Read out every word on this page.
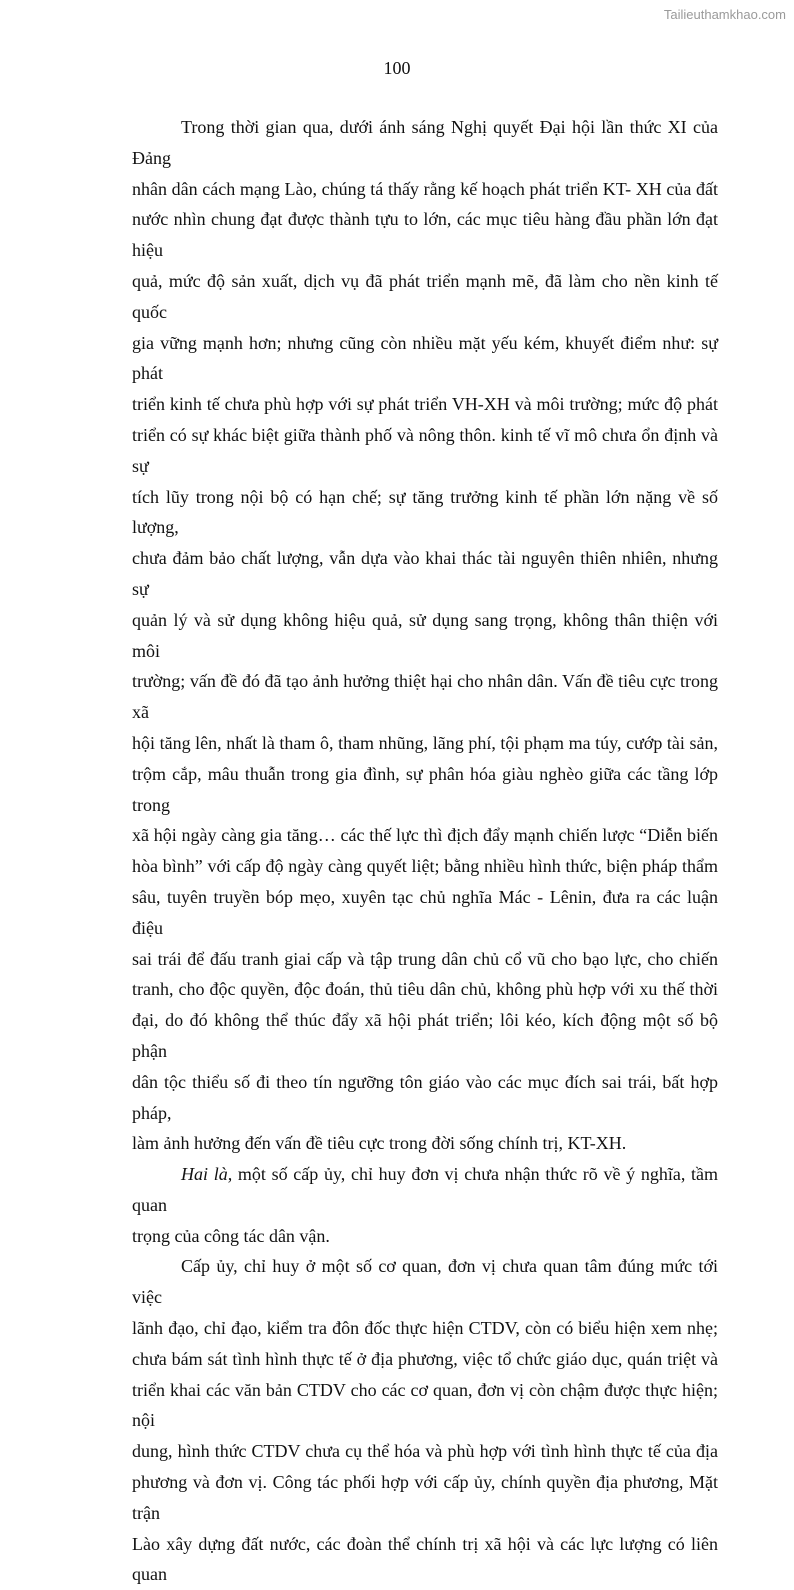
Tailieuthamkhao.com
100
Trong thời gian qua, dưới ánh sáng Nghị quyết Đại hội lần thức XI của Đảng
nhân dân cách mạng Lào, chúng tá thấy rằng kế hoạch phát triển KT- XH của đất
nước nhìn chung đạt được thành tựu to lớn, các mục tiêu hàng đầu phần lớn đạt hiệu
quả, mức độ sản xuất, dịch vụ đã phát triển mạnh mẽ, đã làm cho nền kinh tế quốc
gia vững mạnh hơn; nhưng cũng còn nhiều mặt yếu kém, khuyết điểm như: sự phát
triển kinh tế chưa phù hợp với sự phát triển VH-XH và môi trường; mức độ phát
triển có sự khác biệt giữa thành phố và nông thôn. kinh tế vĩ mô chưa ổn định và sự
tích lũy trong nội bộ có hạn chế; sự tăng trưởng kinh tế phần lớn nặng về số lượng,
chưa đảm bảo chất lượng, vẫn dựa vào khai thác tài nguyên thiên nhiên, nhưng sự
quản lý và sử dụng không hiệu quả, sử dụng sang trọng, không thân thiện với môi
trường; vấn đề đó đã tạo ảnh hưởng thiệt hại cho nhân dân. Vấn đề tiêu cực trong xã
hội tăng lên, nhất là tham ô, tham nhũng, lãng phí, tội phạm ma túy, cướp tài sản,
trộm cắp, mâu thuẫn trong gia đình, sự phân hóa giàu nghèo giữa các tầng lớp trong
xã hội ngày càng gia tăng… các thế lực thì địch đẩy mạnh chiến lược “Diễn biến
hòa bình” với cấp độ ngày càng quyết liệt; bằng nhiều hình thức, biện pháp thẩm
sâu, tuyên truyền bóp mẹo, xuyên tạc chủ nghĩa Mác - Lênin, đưa ra các luận điệu
sai trái để đấu tranh giai cấp và tập trung dân chủ cổ vũ cho bạo lực, cho chiến
tranh, cho độc quyền, độc đoán, thủ tiêu dân chủ, không phù hợp với xu thế thời
đại, do đó không thể thúc đẩy xã hội phát triển; lôi kéo, kích động một số bộ phận
dân tộc thiểu số đi theo tín ngưỡng tôn giáo vào các mục đích sai trái, bất hợp pháp,
làm ảnh hưởng đến vấn đề tiêu cực trong đời sống chính trị, KT-XH.
Hai là, một số cấp ủy, chỉ huy đơn vị chưa nhận thức rõ về ý nghĩa, tầm quan
trọng của công tác dân vận.
Cấp ủy, chỉ huy ở một số cơ quan, đơn vị chưa quan tâm đúng mức tới việc
lãnh đạo, chỉ đạo, kiểm tra đôn đốc thực hiện CTDV, còn có biểu hiện xem nhẹ;
chưa bám sát tình hình thực tế ở địa phương, việc tổ chức giáo dục, quán triệt và
triển khai các văn bản CTDV cho các cơ quan, đơn vị còn chậm được thực hiện; nội
dung, hình thức CTDV chưa cụ thể hóa và phù hợp với tình hình thực tế của địa
phương và đơn vị. Công tác phối hợp với cấp ủy, chính quyền địa phương, Mặt trận
Lào xây dựng đất nước, các đoàn thể chính trị xã hội và các lực lượng có liên quan
